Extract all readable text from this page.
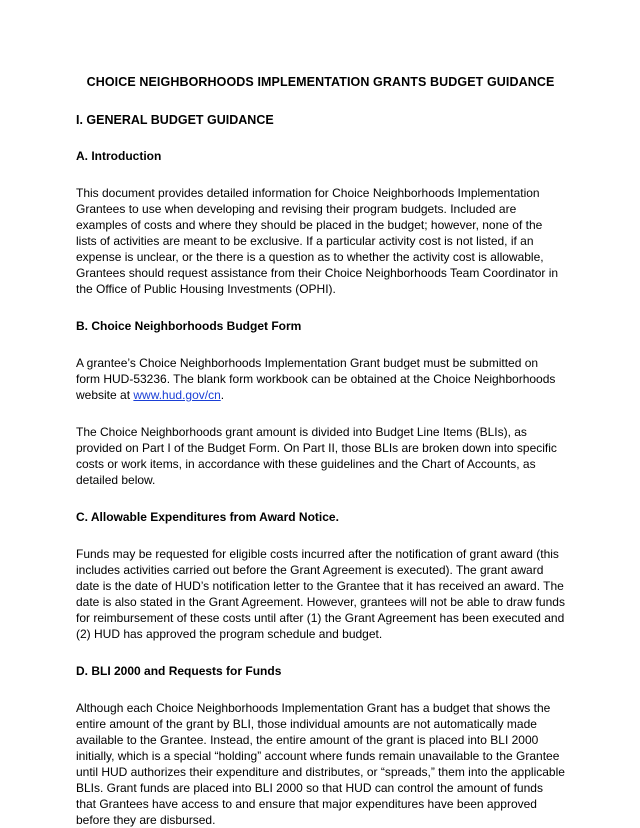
CHOICE NEIGHBORHOODS IMPLEMENTATION GRANTS BUDGET GUIDANCE
I. GENERAL BUDGET GUIDANCE
A. Introduction

This document provides detailed information for Choice Neighborhoods Implementation Grantees to use when developing and revising their program budgets. Included are examples of costs and where they should be placed in the budget; however, none of the lists of activities are meant to be exclusive. If a particular activity cost is not listed, if an expense is unclear, or the there is a question as to whether the activity cost is allowable, Grantees should request assistance from their Choice Neighborhoods Team Coordinator in the Office of Public Housing Investments (OPHI).

B. Choice Neighborhoods Budget Form

A grantee’s Choice Neighborhoods Implementation Grant budget must be submitted on form HUD-53236. The blank form workbook can be obtained at the Choice Neighborhoods website at www.hud.gov/cn.

The Choice Neighborhoods grant amount is divided into Budget Line Items (BLIs), as provided on Part I of the Budget Form. On Part II, those BLIs are broken down into specific costs or work items, in accordance with these guidelines and the Chart of Accounts, as detailed below.

C. Allowable Expenditures from Award Notice.

Funds may be requested for eligible costs incurred after the notification of grant award (this includes activities carried out before the Grant Agreement is executed). The grant award date is the date of HUD’s notification letter to the Grantee that it has received an award. The date is also stated in the Grant Agreement. However, grantees will not be able to draw funds for reimbursement of these costs until after (1) the Grant Agreement has been executed and (2) HUD has approved the program schedule and budget.

D. BLI 2000 and Requests for Funds

Although each Choice Neighborhoods Implementation Grant has a budget that shows the entire amount of the grant by BLI, those individual amounts are not automatically made available to the Grantee. Instead, the entire amount of the grant is placed into BLI 2000 initially, which is a special “holding” account where funds remain unavailable to the Grantee until HUD authorizes their expenditure and distributes, or “spreads,” them into the applicable BLIs. Grant funds are placed into BLI 2000 so that HUD can control the amount of funds that Grantees have access to and ensure that major expenditures have been approved before they are disbursed.
